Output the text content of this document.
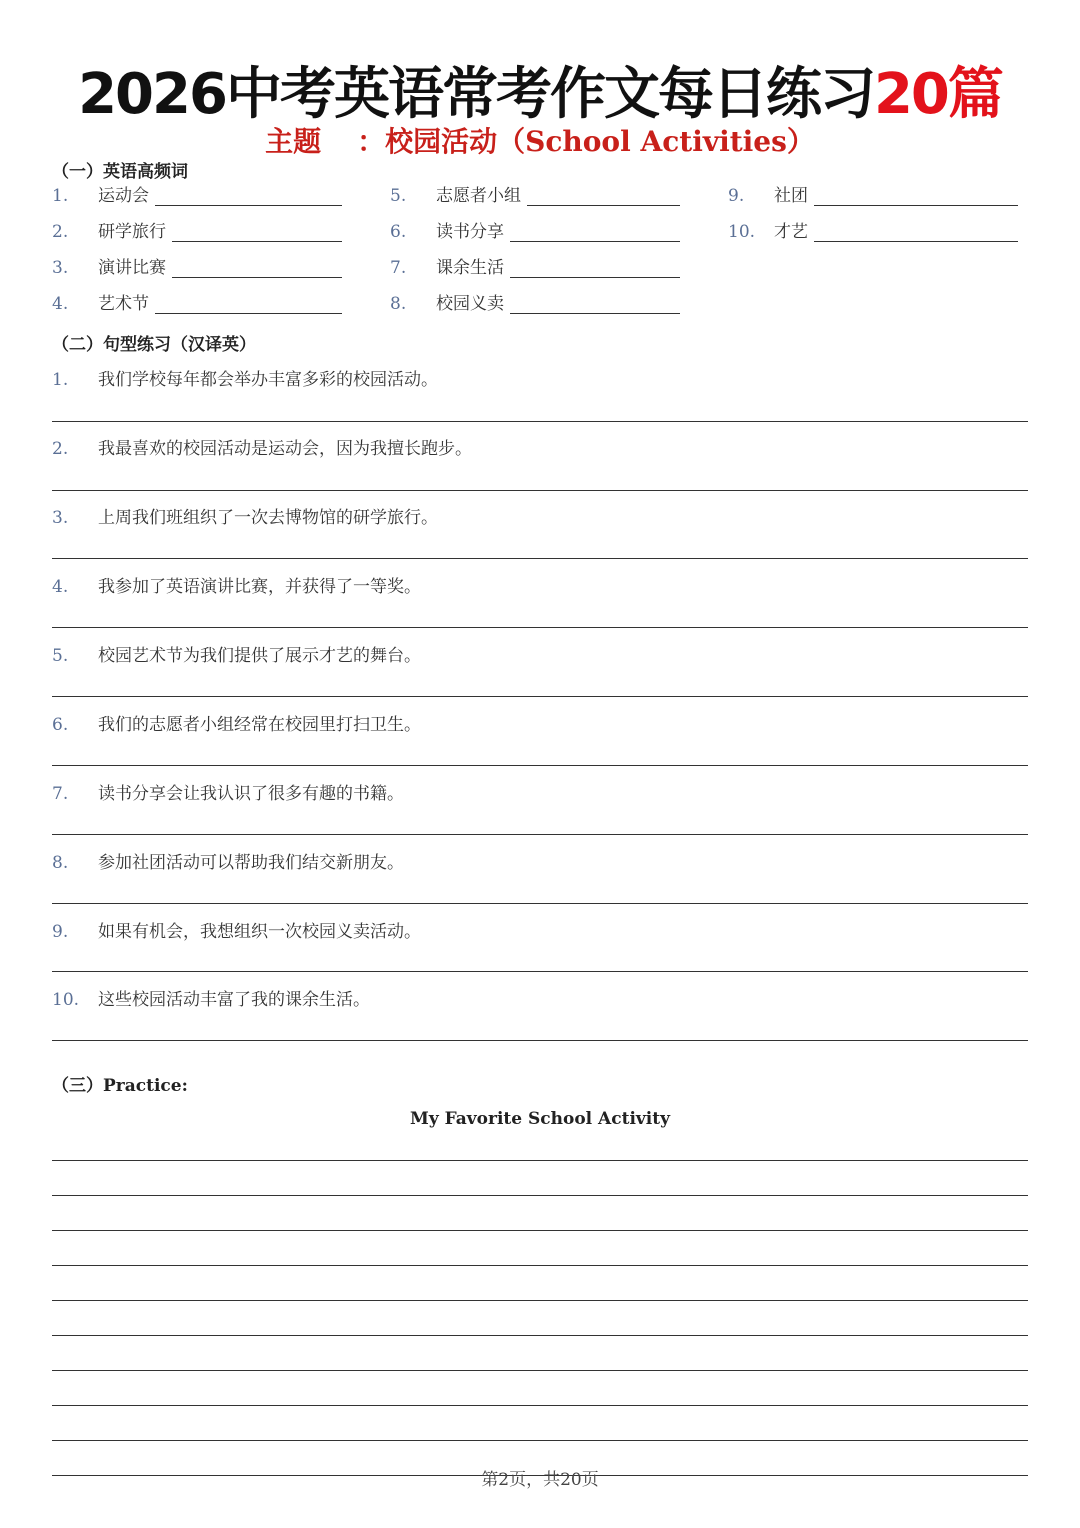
2026中考英语常考作文每日练习20篇
主题 ：校园活动（School Activities）
（一）英语高频词
1.	运动会
2.	研学旅行
3.	演讲比赛
4.	艺术节
5.	志愿者小组
6.	读书分享
7.	课余生活
8.	校园义卖
9.	社团
10.	才艺
（二）句型练习（汉译英）
1. 我们学校每年都会举办丰富多彩的校园活动。
2. 我最喜欢的校园活动是运动会，因为我擅长跑步。
3. 上周我们班组织了一次去博物馆的研学旅行。
4. 我参加了英语演讲比赛，并获得了一等奖。
5. 校园艺术节为我们提供了展示才艺的舞台。
6. 我们的志愿者小组经常在校园里打扫卫生。
7. 读书分享会让我认识了很多有趣的书籍。
8. 参加社团活动可以帮助我们结交新朋友。
9. 如果有机会，我想组织一次校园义卖活动。
10. 这些校园活动丰富了我的课余生活。
（三）Practice:
My Favorite School Activity
第2页，共20页
